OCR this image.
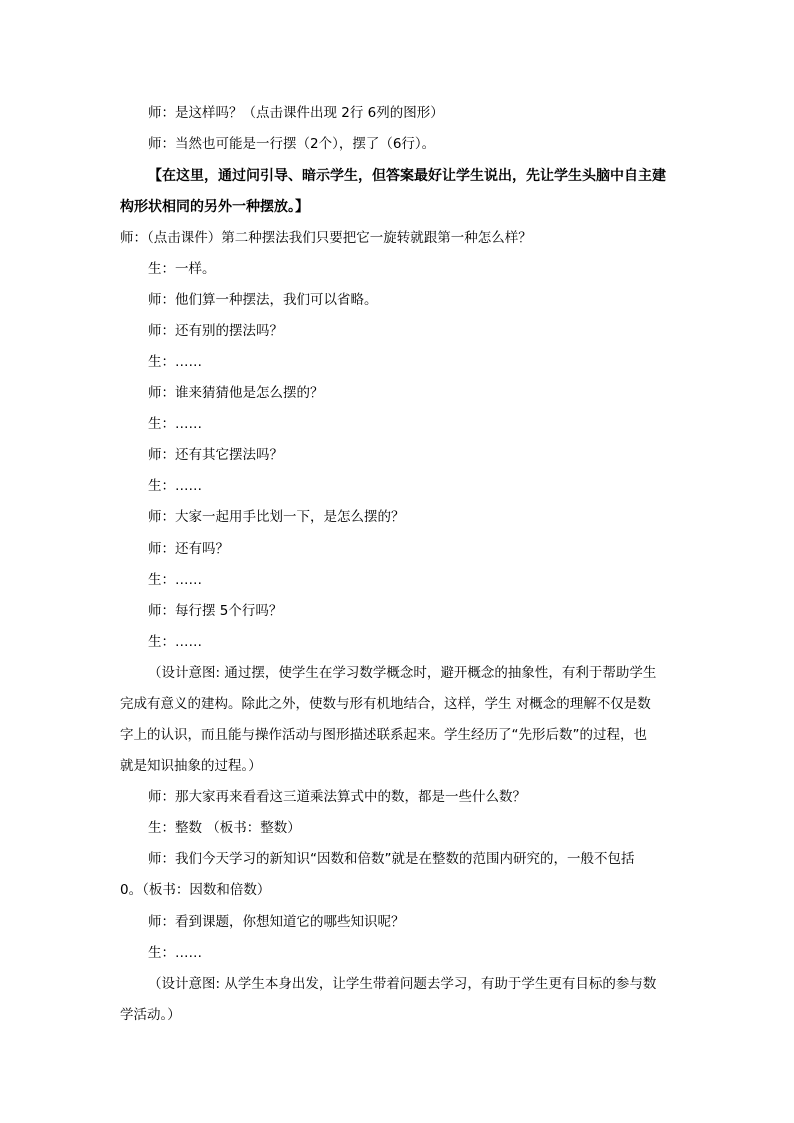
师：是这样吗？（点击课件出现 2行 6列的图形）
师：当然也可能是一行摆（2个），摆了（6行）。
【在这里，通过问引导、暗示学生，但答案最好让学生说出，先让学生头脑中自主建
构形状相同的另外一种摆放。】
师：（点击课件）第二种摆法我们只要把它一旋转就跟第一种怎么样？
生：一样。
师：他们算一种摆法，我们可以省略。
师：还有别的摆法吗？
生：……
师：谁来猜猜他是怎么摆的？
生：……
师：还有其它摆法吗？
生：……
师：大家一起用手比划一下，是怎么摆的？
师：还有吗？
生：……
师：每行摆 5个行吗？
生：……
（设计意图: 通过摆，使学生在学习数学概念时，避开概念的抽象性，有利于帮助学生
完成有意义的建构。除此之外，使数与形有机地结合，这样，学生 对概念的理解不仅是数
字上的认识，而且能与操作活动与图形描述联系起来。学生经历了“先形后数”的过程，也
就是知识抽象的过程。）
师：那大家再来看看这三道乘法算式中的数，都是一些什么数？
生：整数 （板书：整数）
师：我们今天学习的新知识“因数和倍数”就是在整数的范围内研究的，一般不包括
0。（板书：因数和倍数）
师：看到课题，你想知道它的哪些知识呢？
生：……
（设计意图: 从学生本身出发，让学生带着问题去学习，有助于学生更有目标的参与数
学活动。）
